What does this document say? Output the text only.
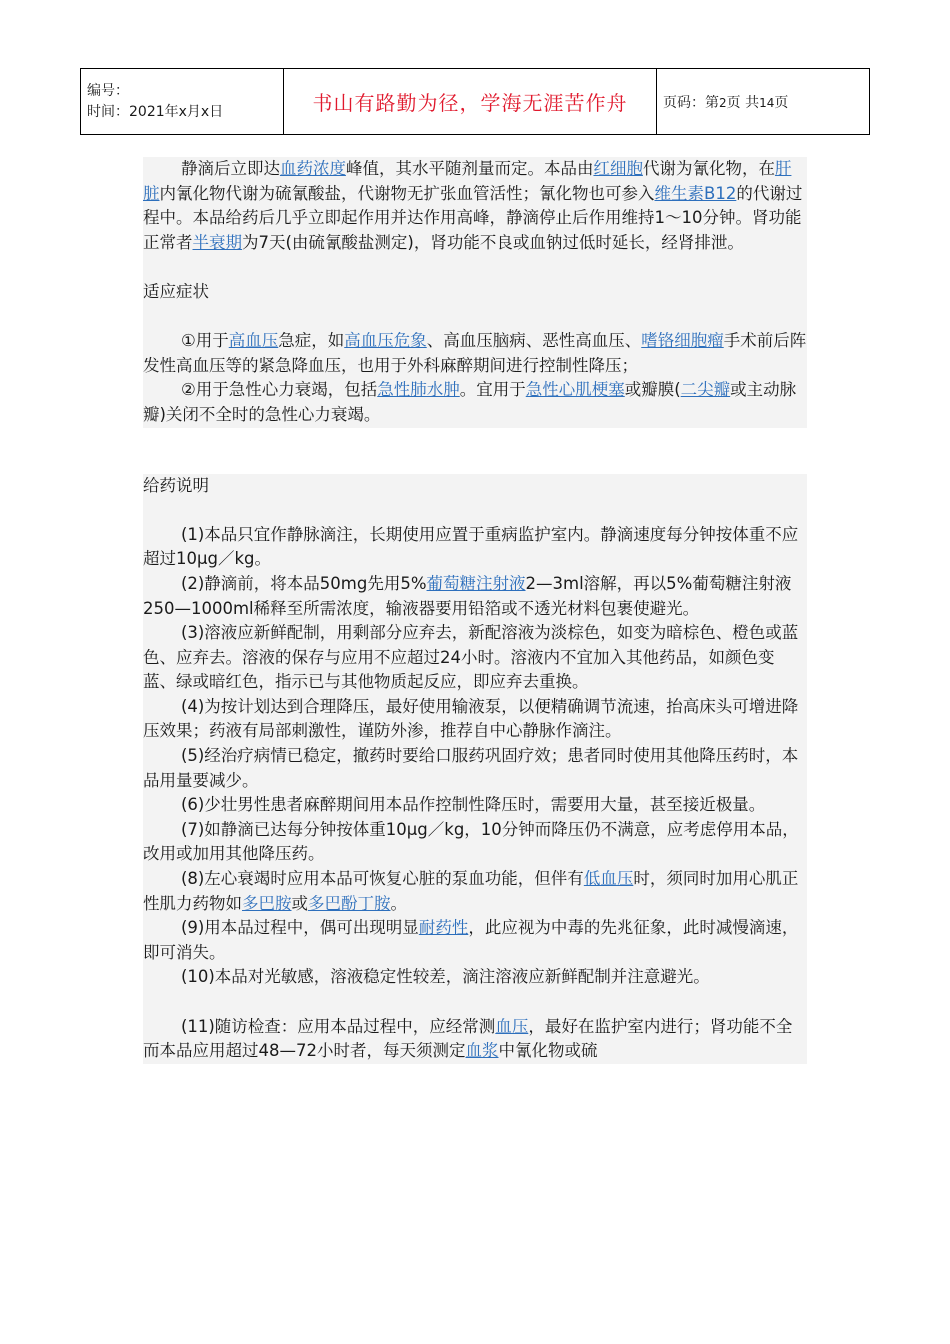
编号：
时间：2021年x月x日	书山有路勤为径，学海无涯苦作舟	页码：第2页 共14页

静滴后立即达血药浓度峰值，其水平随剂量而定。本品由红细胞代谢为氰化物，在肝脏内氰化物代谢为硫氰酸盐，代谢物无扩张血管活性；氰化物也可参入维生素B12的代谢过程中。本品给药后几乎立即起作用并达作用高峰，静滴停止后作用维持1～10分钟。肾功能正常者半衰期为7天(由硫氰酸盐测定)，肾功能不良或血钠过低时延长，经肾排泄。

适应症状

①用于高血压急症，如高血压危象、高血压脑病、恶性高血压、嗜铬细胞瘤手术前后阵发性高血压等的紧急降血压，也用于外科麻醉期间进行控制性降压；

②用于急性心力衰竭，包括急性肺水肿。宜用于急性心肌梗塞或瓣膜(二尖瓣或主动脉瓣)关闭不全时的急性心力衰竭。

给药说明

(1)本品只宜作静脉滴注，长期使用应置于重病监护室内。静滴速度每分钟按体重不应超过10μg／kg。

(2)静滴前，将本品50mg先用5%葡萄糖注射液2—3ml溶解，再以5%葡萄糖注射液250—1000ml稀释至所需浓度，输液器要用铅箔或不透光材料包裹使避光。

(3)溶液应新鲜配制，用剩部分应弃去，新配溶液为淡棕色，如变为暗棕色、橙色或蓝色、应弃去。溶液的保存与应用不应超过24小时。溶液内不宜加入其他药品，如颜色变蓝、绿或暗红色，指示已与其他物质起反应，即应弃去重换。

(4)为按计划达到合理降压，最好使用输液泵，以便精确调节流速，抬高床头可增进降压效果；药液有局部刺激性，谨防外渗，推荐自中心静脉作滴注。

(5)经治疗病情已稳定，撤药时要给口服药巩固疗效；患者同时使用其他降压药时，本品用量要减少。

(6)少壮男性患者麻醉期间用本品作控制性降压时，需要用大量，甚至接近极量。

(7)如静滴已达每分钟按体重10μg／kg，10分钟而降压仍不满意，应考虑停用本品，改用或加用其他降压药。

(8)左心衰竭时应用本品可恢复心脏的泵血功能，但伴有低血压时，须同时加用心肌正性肌力药物如多巴胺或多巴酚丁胺。

(9)用本品过程中，偶可出现明显耐药性，此应视为中毒的先兆征象，此时减慢滴速，即可消失。

(10)本品对光敏感，溶液稳定性较差，滴注溶液应新鲜配制并注意避光。

(11)随访检查：应用本品过程中，应经常测血压，最好在监护室内进行；肾功能不全而本品应用超过48—72小时者，每天须测定血浆中氰化物或硫
